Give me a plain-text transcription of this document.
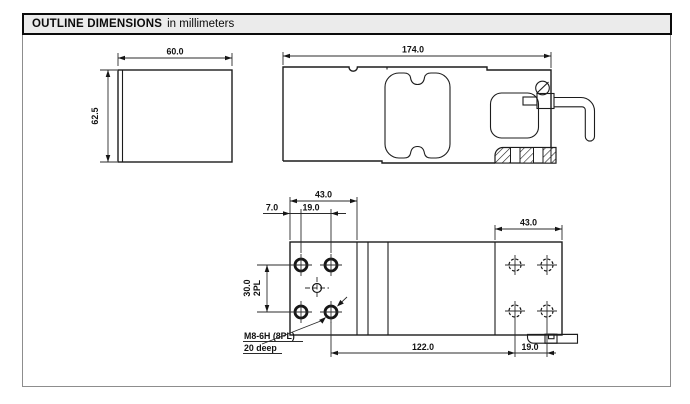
OUTLINE DIMENSIONS in millimeters
60.0
62.5
174.0
43.0
7.0	19.0
30.0 2PL
M8-6H (8PL)
20 deep	122.0	19.0
43.0
